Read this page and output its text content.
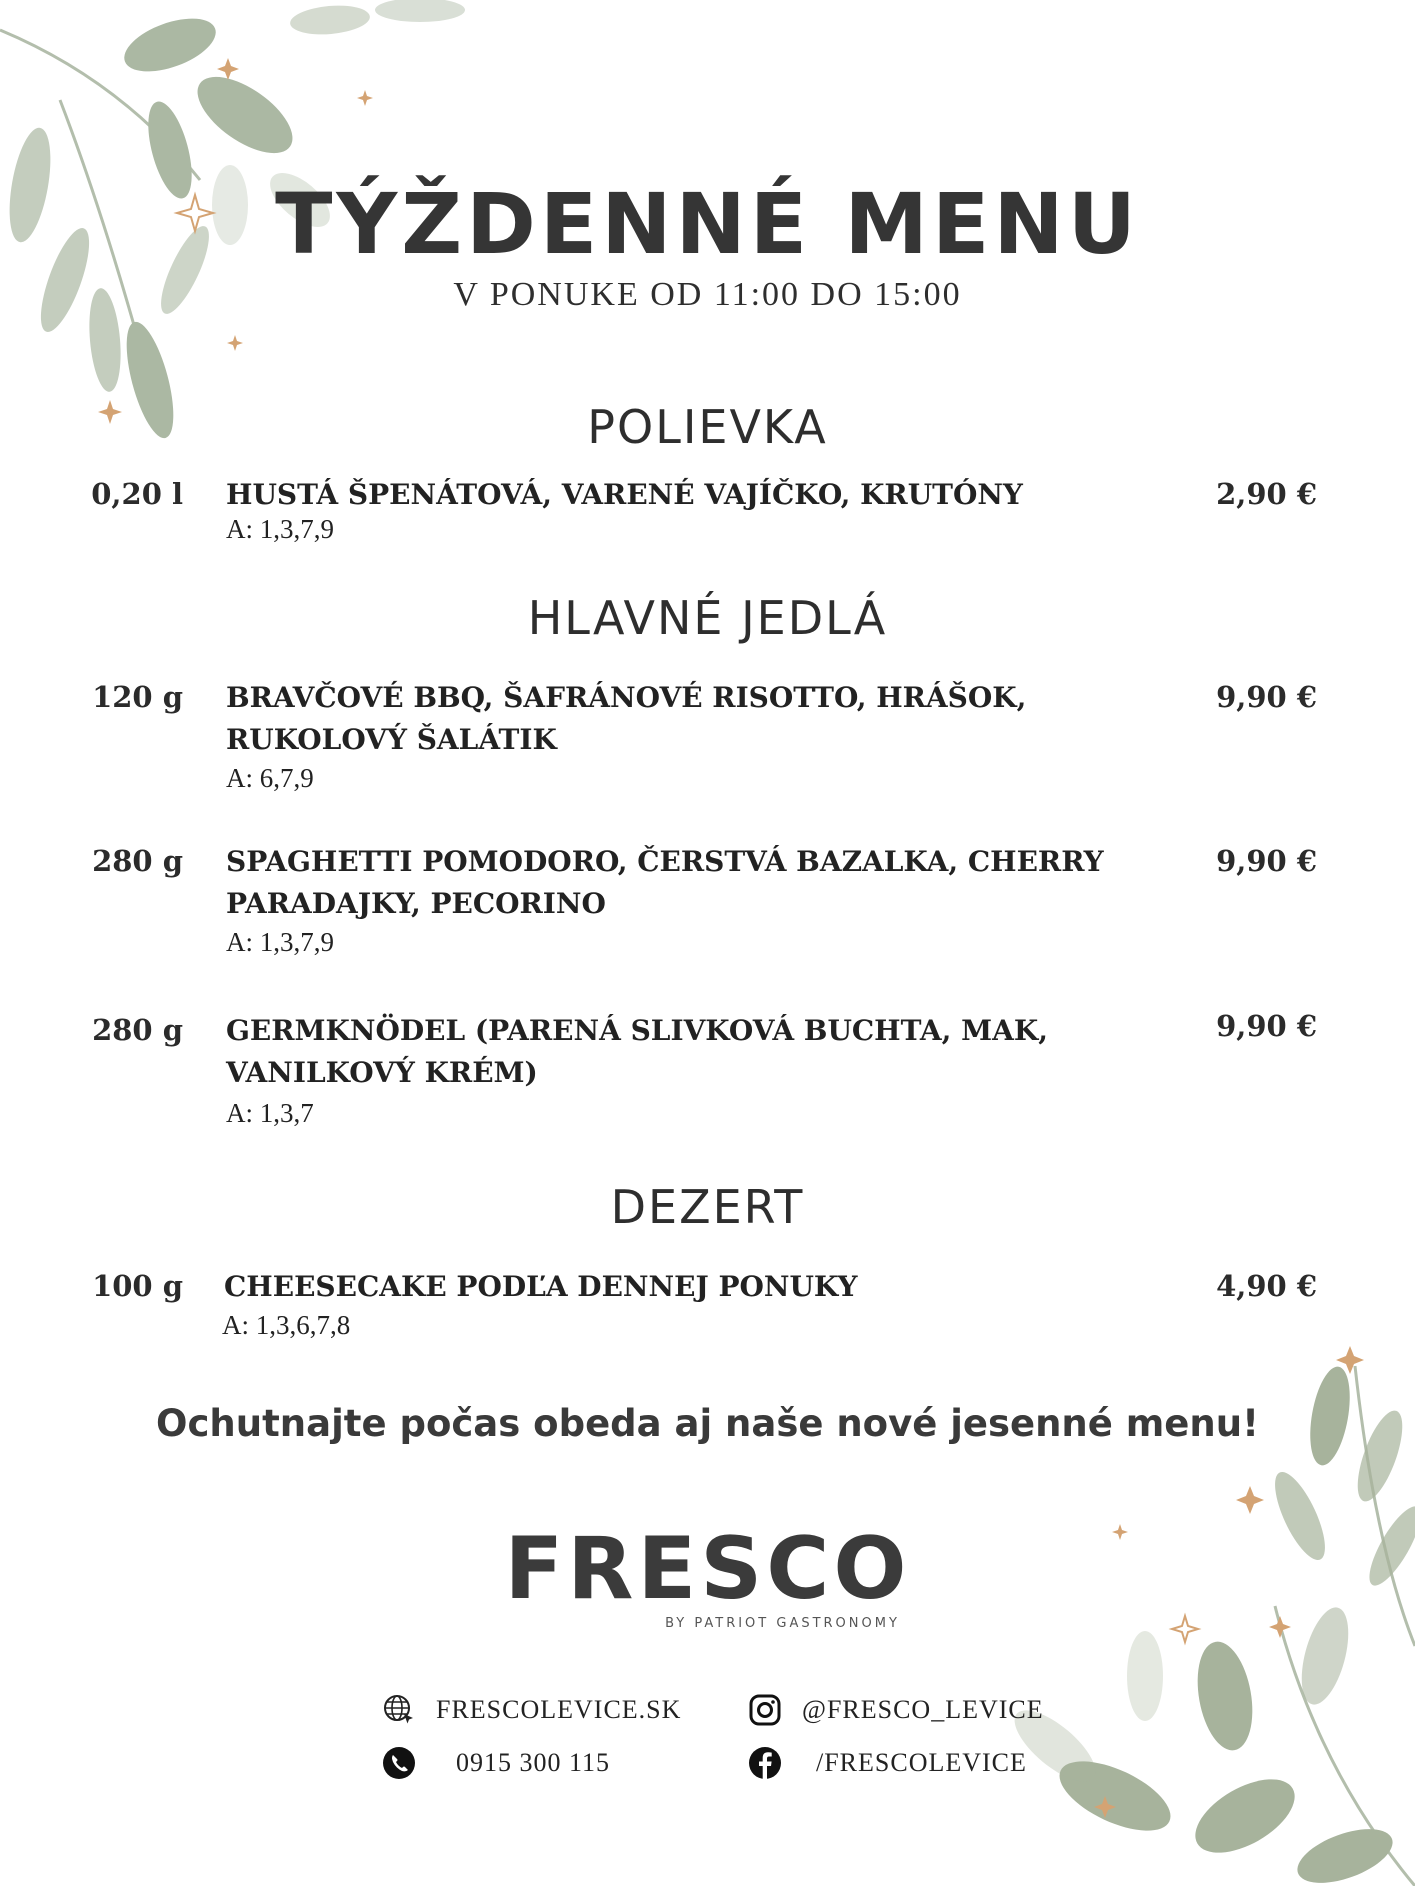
TÝŽDENNÉ MENU
V PONUKE OD 11:00 DO 15:00
POLIEVKA
0,20 l HUSTÁ ŠPENÁTOVÁ, VARENÉ VAJÍČKO, KRUTÓNY
A: 1,3,7,9
2,90 €
HLAVNÉ JEDLÁ
120 g BRAVČOVÉ BBQ, ŠAFRÁNOVÉ RISOTTO, HRÁŠOK, RUKOLOVÝ ŠALÁTIK
A: 6,7,9
9,90 €
280 g SPAGHETTI POMODORO, ČERSTVÁ BAZALKA, CHERRY PARADAJKY, PECORINO
A: 1,3,7,9
9,90 €
280 g GERMKNÖDEL (PARENÁ SLIVKOVÁ BUCHTA, MAK, VANILKOVÝ KRÉM)
A: 1,3,7
9,90 €
DEZERT
100 g CHEESECAKE PODĽA DENNEJ PONUKY
A: 1,3,6,7,8
4,90 €
Ochutnajte počas obeda aj naše nové jesenné menu!
FRESCO
BY PATRIOT GASTRONOMY
FRESCOLEVICE.SK	@FRESCO_LEVICE
0915 300 115	/FRESCOLEVICE
